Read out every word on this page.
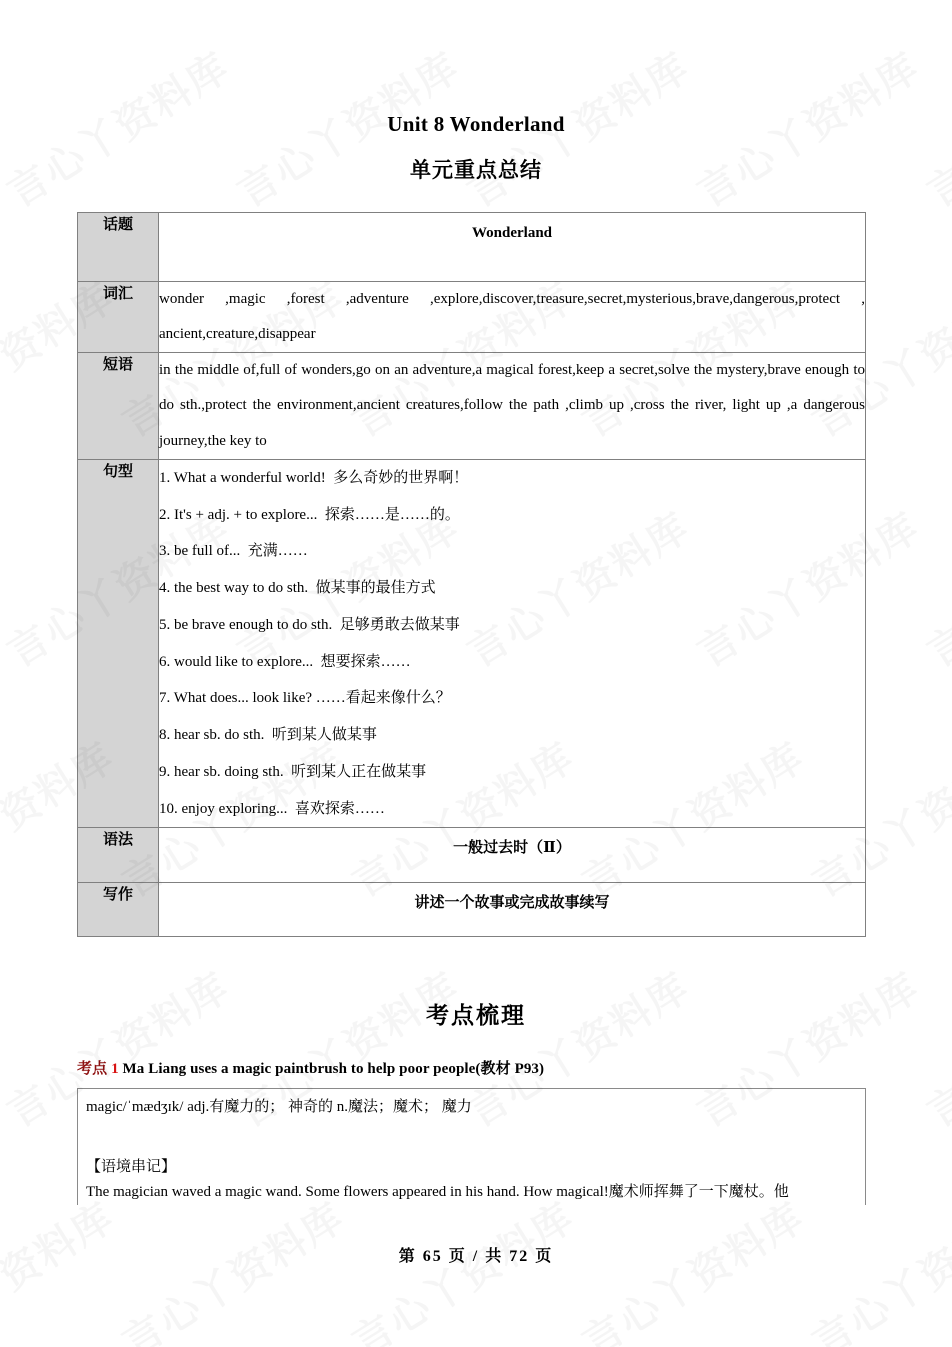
Unit 8 Wonderland
单元重点总结
话题	Wonderland

词汇	wonder ,magic ,forest ,adventure ,explore,discover,treasure,secret,mysterious,brave,dangerous,protect , ancient,creature,disappear

短语	in the middle of,full of wonders,go on an adventure,a magical forest,keep a secret,solve the mystery,brave enough to do sth.,protect the environment,ancient creatures,follow the path ,climb up ,cross the river, light up ,a dangerous journey,the key to

句型	1. What a wonderful world!  多么奇妙的世界啊！
2. It's + adj. + to explore...  探索……是……的。
3. be full of...  充满……
4. the best way to do sth.  做某事的最佳方式
5. be brave enough to do sth.  足够勇敢去做某事
6. would like to explore...  想要探索……
7. What does... look like? ……看起来像什么？
8. hear sb. do sth.  听到某人做某事
9. hear sb. doing sth.  听到某人正在做某事
10. enjoy exploring...  喜欢探索……

语法	一般过去时（Ⅱ）

写作	讲述一个故事或完成故事续写
考点梳理

考点 1 Ma Liang uses a magic paintbrush to help poor people(教材 P93)

magic/ˈmædʒɪk/ adj.有魔力的； 神奇的 n.魔法；魔术； 魔力
【语境串记】
The magician waved a magic wand. Some flowers appeared in his hand. How magical!魔术师挥舞了一下魔杖。他
第 65 页 / 共 72 页
